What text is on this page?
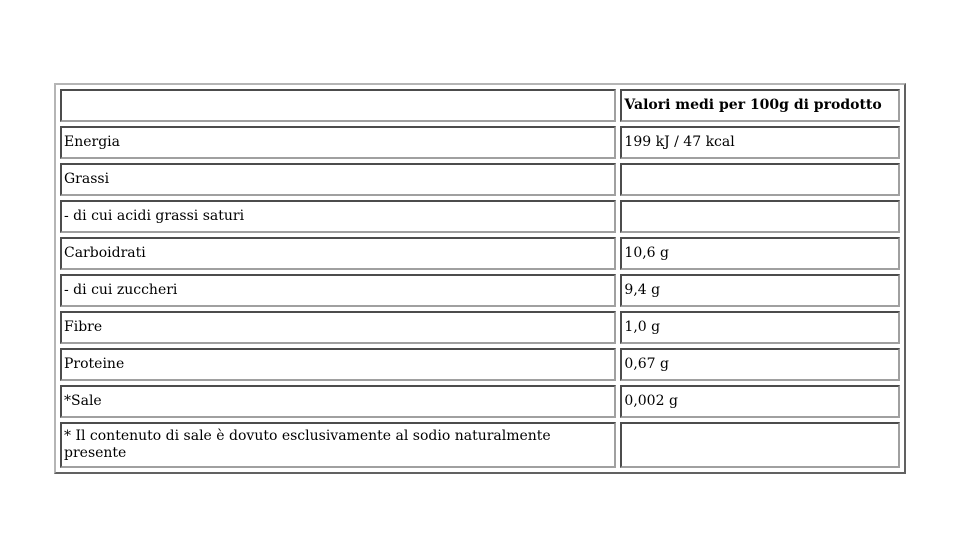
	Valori medi per 100g di prodotto
Energia	199 kJ / 47 kcal
Grassi	
- di cui acidi grassi saturi	
Carboidrati	10,6 g
- di cui zuccheri	9,4 g
Fibre	1,0 g
Proteine	0,67 g
*Sale	0,002 g
* Il contenuto di sale è dovuto esclusivamente al sodio naturalmente presente	
